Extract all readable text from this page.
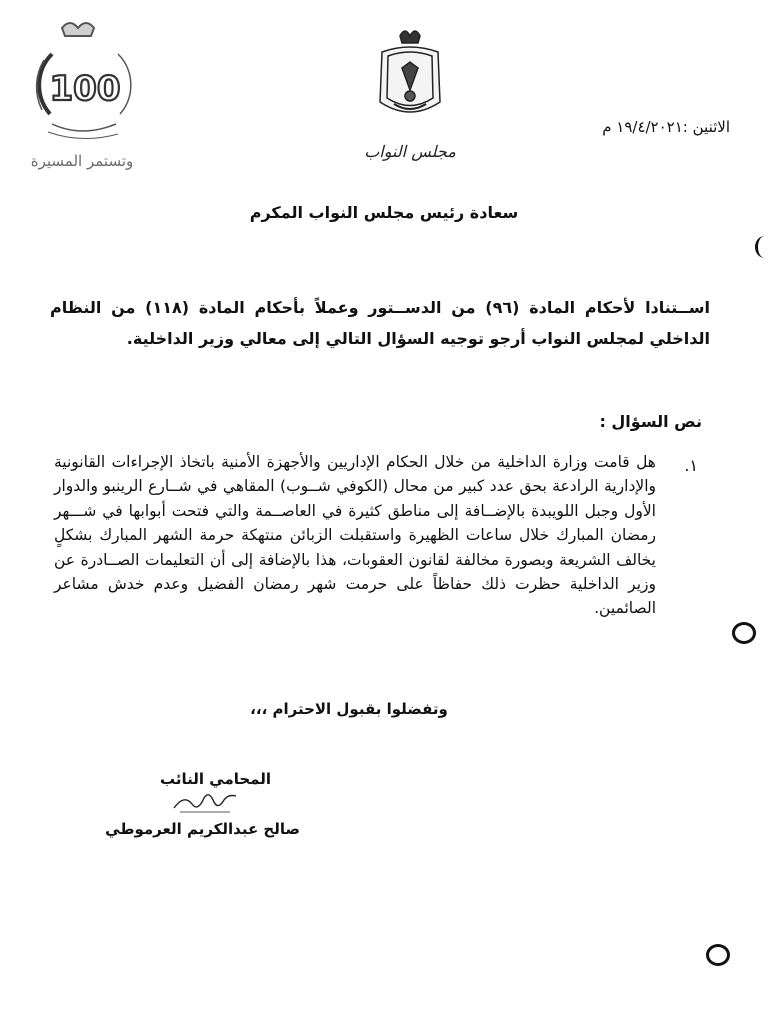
100
وتستمر المسيرة	مجلس النواب
الاثنين :١٩/٤/٢٠٢١ م
سعادة رئيس مجلس النواب المكرم
اســتنادا لأحكام المادة (٩٦) من الدســتور وعملاً بأحكام المادة (١١٨) من النظام الداخلي لمجلس النواب أرجو توجيه السؤال التالي إلى معالي وزير الداخلية.
نص السؤال :
١.
هل قامت وزارة الداخلية من خلال الحكام الإداريين والأجهزة الأمنية باتخاذ الإجراءات القانونية والإدارية الرادعة بحق عدد كبير من محال (الكوفي شــوب) المقاهي في شــارع الرينبو والدوار الأول وجبل اللويبدة بالإضــافة إلى مناطق كثيرة في العاصــمة والتي فتحت أبوابها في شـــهر رمضان المبارك خلال ساعات الظهيرة واستقبلت الزبائن منتهكة حرمة الشهر المبارك بشكلٍ يخالف الشريعة وبصورة مخالفة لقانون العقوبات، هذا بالإضافة إلى أن التعليمات الصــادرة عن وزير الداخلية حظرت ذلك حفاظاً على حرمت شهر رمضان الفضيل وعدم خدش مشاعر الصائمين.
وتفضلوا بقبول الاحترام ،،،
المحامي النائب
صالح عبدالكريم العرموطي
